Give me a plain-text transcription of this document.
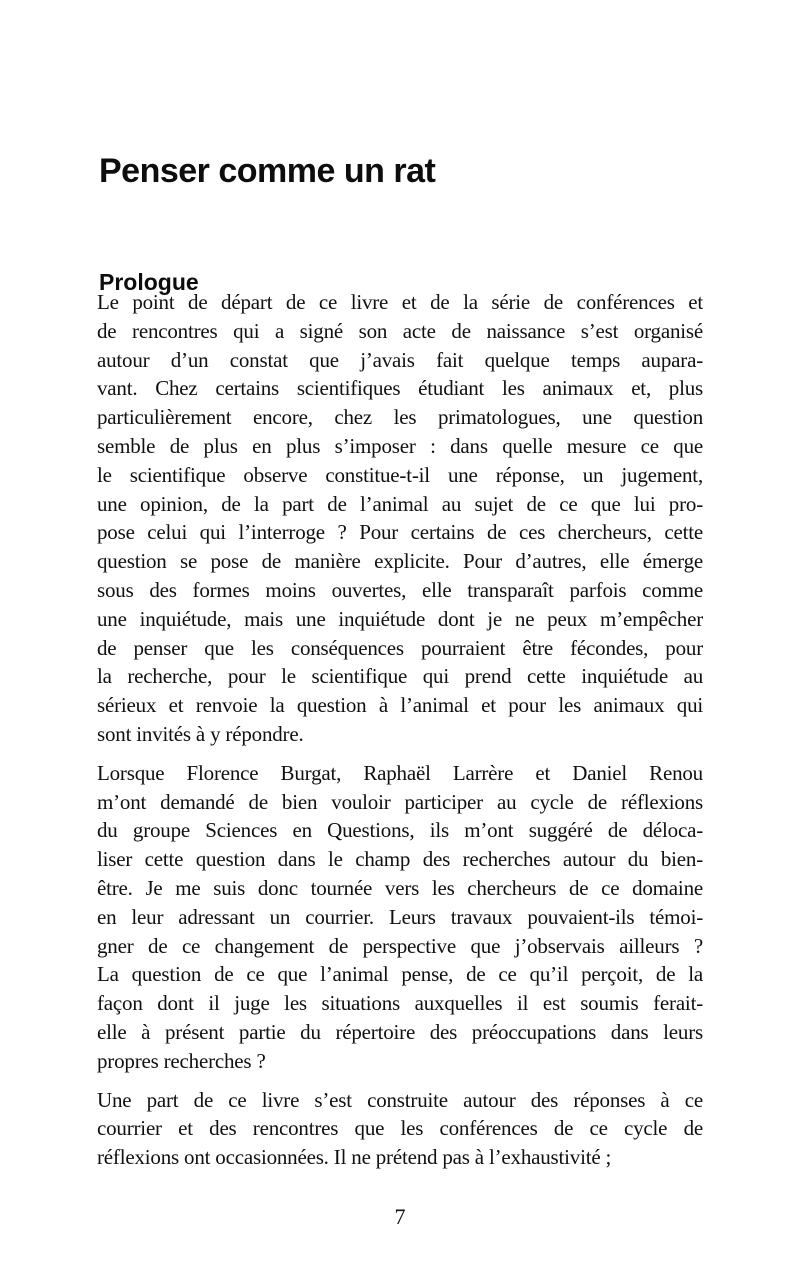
Penser comme un rat
Prologue
Le point de départ de ce livre et de la série de conférences et
de rencontres qui a signé son acte de naissance s’est organisé
autour d’un constat que j’avais fait quelque temps aupara-
vant. Chez certains scientifiques étudiant les animaux et, plus
particulièrement encore, chez les primatologues, une question
semble de plus en plus s’imposer : dans quelle mesure ce que
le scientifique observe constitue-t-il une réponse, un jugement,
une opinion, de la part de l’animal au sujet de ce que lui pro-
pose celui qui l’interroge ? Pour certains de ces chercheurs, cette
question se pose de manière explicite. Pour d’autres, elle émerge
sous des formes moins ouvertes, elle transparaît parfois comme
une inquiétude, mais une inquiétude dont je ne peux m’empêcher
de penser que les conséquences pourraient être fécondes, pour
la recherche, pour le scientifique qui prend cette inquiétude au
sérieux et renvoie la question à l’animal et pour les animaux qui
sont invités à y répondre.
Lorsque Florence Burgat, Raphaël Larrère et Daniel Renou
m’ont demandé de bien vouloir participer au cycle de réflexions
du groupe Sciences en Questions, ils m’ont suggéré de déloca-
liser cette question dans le champ des recherches autour du bien-
être. Je me suis donc tournée vers les chercheurs de ce domaine
en leur adressant un courrier. Leurs travaux pouvaient-ils témoi-
gner de ce changement de perspective que j’observais ailleurs ?
La question de ce que l’animal pense, de ce qu’il perçoit, de la
façon dont il juge les situations auxquelles il est soumis ferait-
elle à présent partie du répertoire des préoccupations dans leurs
propres recherches ?
Une part de ce livre s’est construite autour des réponses à ce
courrier et des rencontres que les conférences de ce cycle de
réflexions ont occasionnées. Il ne prétend pas à l’exhaustivité ;
7
